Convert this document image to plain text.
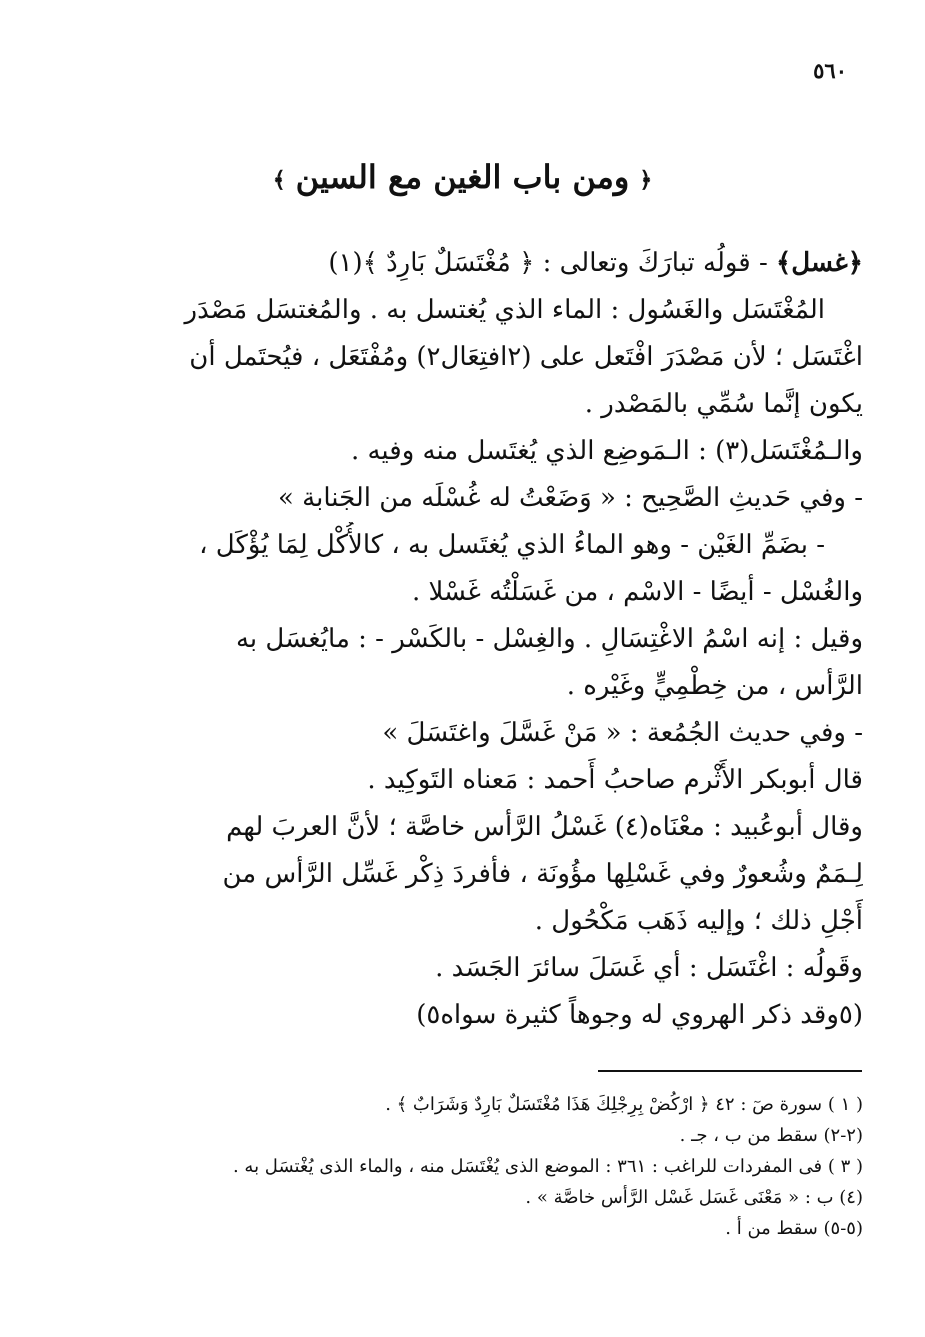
٥٦٠
﴿ومن باب الغين مع السين﴾
﴿غسل﴾ - قولُه تبارَكَ وتعالى : ﴿ مُغْتَسَلٌ بَارِدٌ ﴾(١)
المُغْتَسَل والغَسُول : الماء الذي يُغتسل به . والمُغتسَل مَصْدَر
اغْتَسَل ؛ لأن مَصْدَرَ افْتَعل على (٢افتِعَال٢) ومُفْتَعَل ، فيُحتَمل أن
يكون إنَّما سُمِّي بالمَصْدر .
والـمُغْتَسَل(٣) : الـمَوضِع الذي يُغتَسل منه وفيه .
- وفي حَديثِ الصَّحِيح : « وَضَعْتُ له غُسْلَه من الجَنابة »
- بضَمِّ الغَيْن - وهو الماءُ الذي يُغتَسل به ، كالأُكْل لِمَا يُؤْكَل ،
والغُسْل - أيضًا - الاسْم ، من غَسَلْتُه غَسْلا .
وقيل : إنه اسْمُ الاغْتِسَالِ . والغِسْل - بالكَسْر - : مايُغسَل به
الرَّأس ، من خِطْمِيٍّ وغَيْره .
- وفي حديث الجُمُعة : « مَنْ غَسَّلَ واغتَسَلَ »
قال أبوبكر الأَثْرم صاحبُ أَحمد : مَعناه التَوكِيد .
وقال أبوعُبيد : معْنَاه(٤) غَسْلُ الرَّأس خاصَّة ؛ لأنَّ العربَ لهم
لِـمَمٌ وشُعورٌ وفي غَسْلِها مؤُونَة ، فأفردَ ذِكْر غَسِّل الرَّأس من
أَجْلِ ذلك ؛ وإليه ذَهَب مَكْحُول .
وقَولُه : اغْتَسَل : أي غَسَلَ سائرَ الجَسَد .
(٥وقد ذكر الهروي له وجوهاً كثيرة سواه٥)
( ١ ) سورة صٓ : ٤٢ ﴿ ارْكُضْ بِرِجْلِكَ هَذَا مُغْتَسَلٌ بَارِدٌ وَشَرَابٌ ﴾ .
(٢-٢) سقط من ب ، جـ .
( ٣ ) فى المفردات للراغب : ٣٦١ : الموضع الذى يُغْتَسَل منه ، والماء الذى يُغْتسَل به .
(٤) ب : « مَعْنَى غَسَل غَسْل الرَّأس خاصَّة » .
(٥-٥) سقط من أ .
